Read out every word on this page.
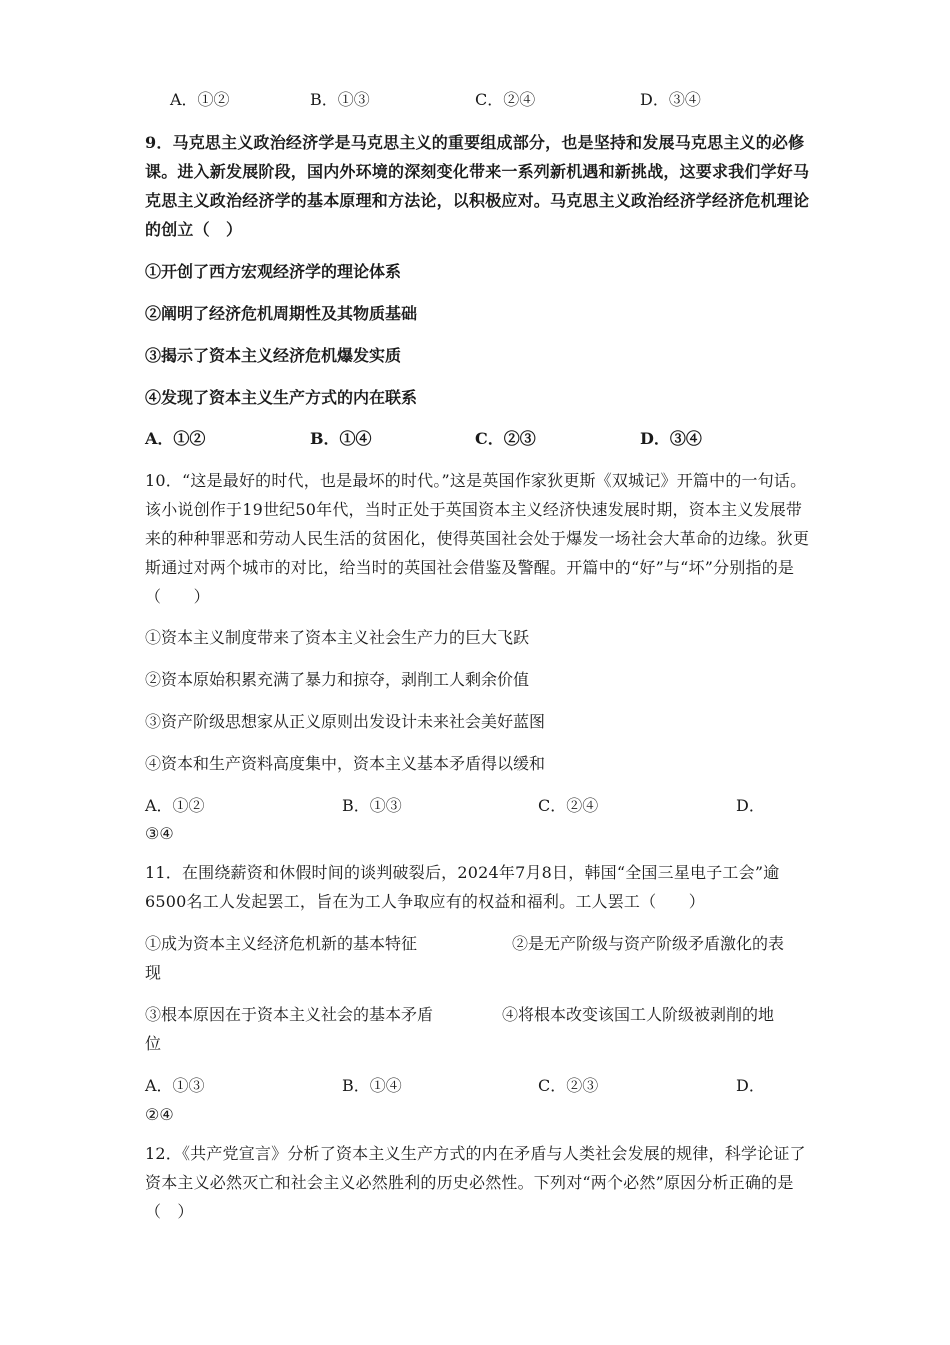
A．①②	B．①③	C．②④	D．③④
9．马克思主义政治经济学是马克思主义的重要组成部分，也是坚持和发展马克思主义的必修课。进入新发展阶段，国内外环境的深刻变化带来一系列新机遇和新挑战，这要求我们学好马克思主义政治经济学的基本原理和方法论，以积极应对。马克思主义政治经济学经济危机理论的创立（　）
①开创了西方宏观经济学的理论体系
②阐明了经济危机周期性及其物质基础
③揭示了资本主义经济危机爆发实质
④发现了资本主义生产方式的内在联系
A．①②	B．①④	C．②③	D．③④
10．“这是最好的时代，也是最坏的时代。”这是英国作家狄更斯《双城记》开篇中的一句话。该小说创作于19世纪50年代，当时正处于英国资本主义经济快速发展时期，资本主义发展带来的种种罪恶和劳动人民生活的贫困化，使得英国社会处于爆发一场社会大革命的边缘。狄更斯通过对两个城市的对比，给当时的英国社会借鉴及警醒。开篇中的“好”与“坏”分别指的是（　　）
①资本主义制度带来了资本主义社会生产力的巨大飞跃
②资本原始积累充满了暴力和掠夺，剥削工人剩余价值
③资产阶级思想家从正义原则出发设计未来社会美好蓝图
④资本和生产资料高度集中，资本主义基本矛盾得以缓和
A．①②	B．①③	C．②④	D．
③④
11．在围绕薪资和休假时间的谈判破裂后，2024年7月8日，韩国“全国三星电子工会”逾6500名工人发起罢工，旨在为工人争取应有的权益和福利。工人罢工（　　）
①成为资本主义经济危机新的基本特征	②是无产阶级与资产阶级矛盾激化的表
现
③根本原因在于资本主义社会的基本矛盾	④将根本改变该国工人阶级被剥削的地
位
A．①③	B．①④	C．②③	D．
②④
12．《共产党宣言》分析了资本主义生产方式的内在矛盾与人类社会发展的规律，科学论证了资本主义必然灭亡和社会主义必然胜利的历史必然性。下列对“两个必然”原因分析正确的是（　）
